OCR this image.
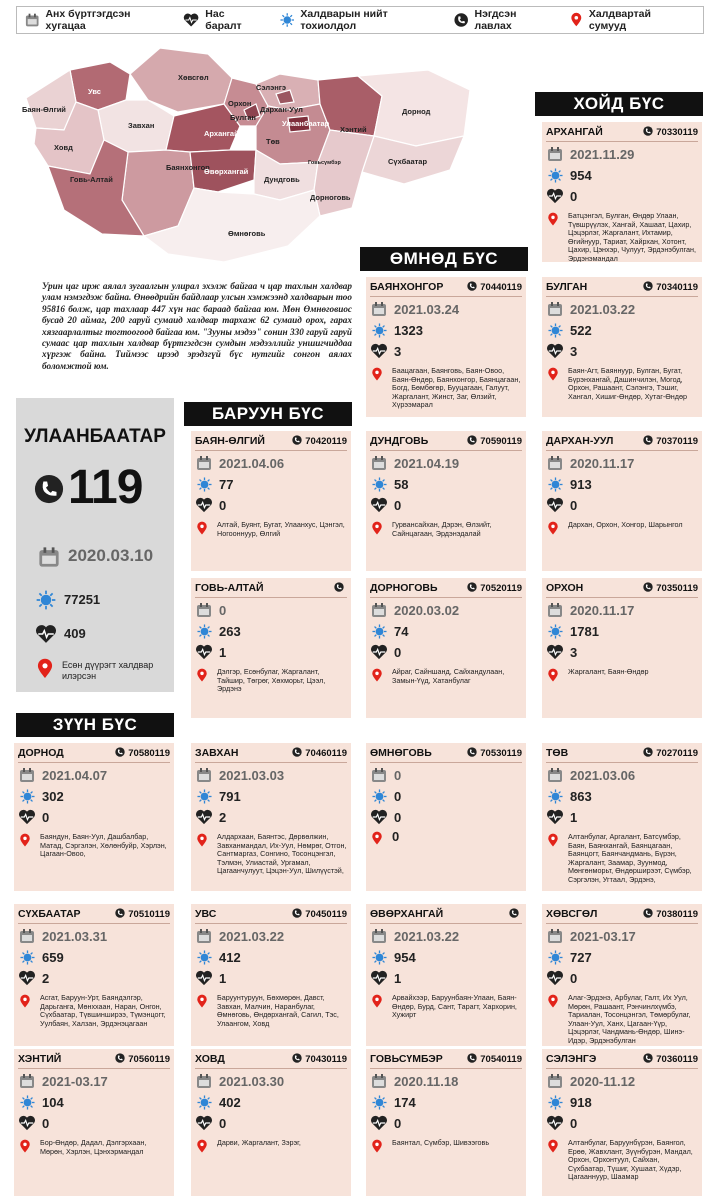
Анх бүртгэгдсэн хугацаа
Нас баралт
Халдварын нийт тохиолдол
Нэгдсэн лавлах
Халдвартай сумууд
Увс
Хөвсгөл
Баян-Өлгий
Завхан
Архангай
Булган
Орхон
Сэлэнгэ
Дархан-Уул
Улаанбаатар
Хэнтий
Дорнод
Төв
Ховд
Баянхонгор
Өвөрхангай
Говь-Алтай	Дундговь
Сүхбаатар
Дорноговь
Говьсүмбэр
Өмнөговь
Урин цаг ирж аялал зугаалгын улирал эхэлж байгаа ч цар тахлын халдвар улам нэмэгдэж байна. Өнөөдрийн байдлаар улсын хэмжээнд халдварын тоо 95816 болж, цар тахлаар 447 хүн нас бараад байгаа юм. Мөн Өмнөговиос бусад 20 аймаг, 200 гаруй сумаид халдвар тархаж 62 сумаид орох, гарах хязгаарлалтыг тогтоогоод байгаа юм. "Зууны мэдээ" сонин 330 гаруй гаруй сумаас цар тахлын халдвар бүртгэгдсэн сумдын мэдээллийг уншигчиддаа хүргэж байна. Тиймээс ирээд эрэдзгүй бүс нутгийг сонгон аялах боломжтой юм.
ХОЙД БҮС
ӨМНӨД БҮС
БАРУУН БҮС
ЗҮҮН БҮС
УЛААНБААТАР
119
2020.03.10
77251
409
Есөн дүүрэгт халдвар илэрсэн
АРХАНГАЙ	70330119
2021.11.29
954
0
Батцэнгэл, Булган, Өндөр Улаан, Түвшрүүлэх, Хангай, Хашаат, Цахир, Цэцэрлэг, Жаргалант, Ихтамир, Өгийнуур, Тариат, Хайрхан, Хотонт, Цахир, Цэнхэр, Чулуут, Эрдэнэбулган, Эрдэнэмандал
БУЛГАН	70340119
2021.03.22
522
3
Баян-Агт, Баяннуур, Булган, Бугат, Бүрэнхангай, Дашинчилэн, Могод, Орхон, Рашаант, Сэлэнгэ, Тэшиг, Хангал, Хишиг-Өндөр, Хутаг-Өндөр
ДАРХАН-УУЛ	70370119
2020.11.17
913
0
Дархан, Орхон, Хонгор, Шарынгол
ОРХОН	70350119
2020.11.17
1781
3
Жаргалант, Баян-Өндөр
ТӨВ	70270119
2021.03.06
863
1
Алтанбулаг, Аргалант, Батсүмбэр, Баян, Баянхангай, Баянцагаан, Баянцогт, Баянчандмань, Бүрэн, Жаргалант, Заамар, Зуунмод, Мөнгөнморьт, Өндөрширээт, Сүмбэр, Сэргэлэн, Угтаал, Эрдэнэ,
ХӨВСГӨЛ	70380119
2021-03.17
727
0
Алаг-Эрдэнэ, Арбулаг, Галт, Их Уул, Мөрөн, Рашаант, Рэнчинлхүмбэ, Тариалан, Тосонцэнгэл, Төмөрбулаг, Улаан-Уул, Ханх, Цагаан-Үүр, Цэцэрлэг, Чандмань-Өндөр, Шинэ-Идэр, Эрдэнэбулган
СЭЛЭНГЭ	70360119
2020-11.12
918
0
Алтанбулаг, Баруунбүрэн, Баянгол, Ерөө, Жавхлант, Зүүнбүрэн, Мандал, Орхон, Орхонтуул, Сайхан, Сүхбаатар, Түшиг, Хушаат, Хүдэр, Цагааннуур, Шаамар
БАЯНХОНГОР	70440119
2021.03.24
1323
3
Баацагаан, Баянговь, Баян-Овоо, Баян-Өндөр, Баянхонгор, Баянцагаан, Богд, Бөмбөгөр, Бууцагаан, Галуут, Жаргалант, Жинст, Заг, Өлзийт, Хүрээмарал
ДУНДГОВЬ	70590119
2021.04.19
58
0
Гурвансайхан, Дэрэн, Өлзийт, Сайнцагаан, Эрдэнэдалай
ДОРНОГОВЬ	70520119
2020.03.02
74
0
Айраг, Сайншанд, Сайхандулаан, Замын-Үүд, Хатанбулаг
ӨМНӨГОВЬ	70530119
0
0
0
0
ӨВӨРХАНГАЙ
2021.03.22
954
1
Арвайхээр, Баруунбаян-Улаан, Баян-Өндөр, Бурд, Сант, Тарагт, Хархорин, Хужирт
ГОВЬСҮМБЭР	70540119
2020.11.18
174
0
Баянтал, Сүмбэр, Шивээговь
БАЯН-ӨЛГИЙ	70420119
2021.04.06
77
0
Алтай, Буянт, Бугат, Улаанхус, Цэнгэл, Ногооннуур, Өлгий
ГОВЬ-АЛТАЙ
0
263
1
Дэлгэр, Есөнбулаг, Жаргалант, Тайшир, Төгрөг, Хөхморьт, Цээл, Эрдэнэ
ЗАВХАН	70460119
2021.03.03
791
2
Алдархаан, Баянтэс, Дөрвөлжин, Завханмандал, Их-Уул, Нөмрөг, Отгон, Сантмаргаз, Сонгино, Тосонцэнгэл, Тэлмэн, Улиастай, Ургамал, Цагаанчулуут, Цэцэн-Уул, Шилүүстэй,
УВС	70450119
2021.03.22
412
1
Баруунтуруун, Бөхмөрөн, Давст, Завхан, Малчин, Наранбулаг, Өмнөговь, Өндөрхангай, Сагил, Тэс, Улаангом, Ховд
ХОВД	70430119
2021.03.30
402
0
Дарви, Жаргалант, Зэрэг,
ДОРНОД	70580119
2021.04.07
302
0
Баяндун, Баян-Уул, Дашбалбар, Матад, Сэргэлэн, Хөлөнбуйр, Хэрлэн, Цагаан-Овоо,
СҮХБААТАР	70510119
2021.03.31
659
2
Асгат, Баруун-Урт, Баяндэлгэр, Дарьганга, Мөнххаан, Наран, Онгон, Сүхбаатар, Түвшинширээ, Түмэнцогт, Уулбаян, Халзан, Эрдэнэцагаан
ХЭНТИЙ	70560119
2021-03.17
104
0
Бор-Өндөр, Дадал, Дэлгэрхаан, Мөрөн, Хэрлэн, Цэнхэрмандал
